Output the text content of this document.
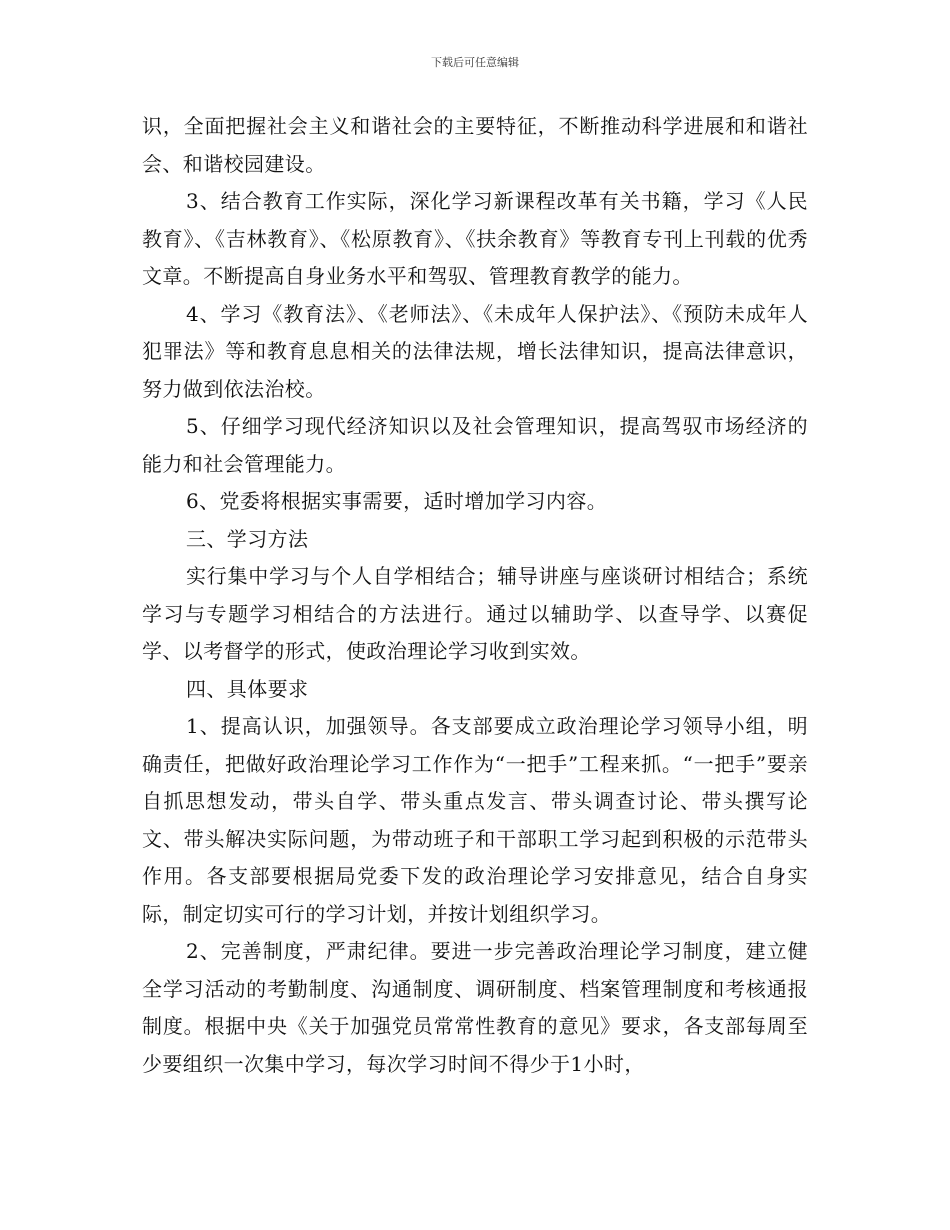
下载后可任意编辑

识，全面把握社会主义和谐社会的主要特征，不断推动科学进展和和谐社会、和谐校园建设。

3、结合教育工作实际，深化学习新课程改革有关书籍，学习《人民教育》、《吉林教育》、《松原教育》、《扶余教育》等教育专刊上刊载的优秀文章。不断提高自身业务水平和驾驭、管理教育教学的能力。

4、学习《教育法》、《老师法》、《未成年人保护法》、《预防未成年人犯罪法》等和教育息息相关的法律法规，增长法律知识，提高法律意识，努力做到依法治校。

5、仔细学习现代经济知识以及社会管理知识，提高驾驭市场经济的能力和社会管理能力。

6、党委将根据实事需要，适时增加学习内容。

三、学习方法

实行集中学习与个人自学相结合；辅导讲座与座谈研讨相结合；系统学习与专题学习相结合的方法进行。通过以辅助学、以查导学、以赛促学、以考督学的形式，使政治理论学习收到实效。

四、具体要求

1、提高认识，加强领导。各支部要成立政治理论学习领导小组，明确责任，把做好政治理论学习工作作为“一把手”工程来抓。“一把手”要亲自抓思想发动，带头自学、带头重点发言、带头调查讨论、带头撰写论文、带头解决实际问题，为带动班子和干部职工学习起到积极的示范带头作用。各支部要根据局党委下发的政治理论学习安排意见，结合自身实际，制定切实可行的学习计划，并按计划组织学习。

2、完善制度，严肃纪律。要进一步完善政治理论学习制度，建立健全学习活动的考勤制度、沟通制度、调研制度、档案管理制度和考核通报制度。根据中央《关于加强党员常常性教育的意见》要求，各支部每周至少要组织一次集中学习，每次学习时间不得少于1小时，
